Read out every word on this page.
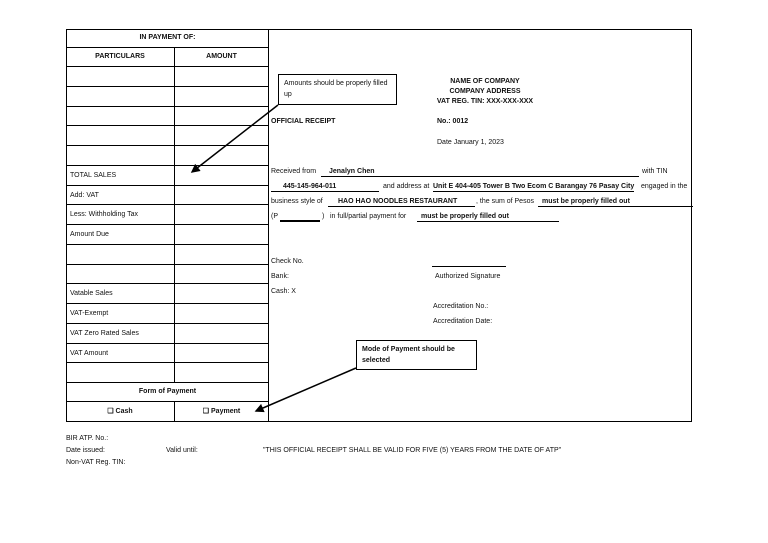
IN PAYMENT OF:
PARTICULARS	AMOUNT
TOTAL SALES
Add: VAT
Less: Withholding Tax
Amount Due
Vatable Sales
VAT-Exempt
VAT Zero Rated Sales
VAT Amount
Form of Payment
❑ Cash	❑ Payment
Amounts should be properly filled up
Mode of Payment should be selected
NAME OF COMPANY
COMPANY ADDRESS
VAT REG. TIN: XXX-XXX-XXX
OFFICIAL RECEIPT	No.: 0012
Date January 1, 2023
Received from	Jenalyn Chen	with TIN
445-145-964-011	and address at Unit E 404-405 Tower B Two Ecom C Barangay 76 Pasay City engaged in the
business style of	HAO HAO NOODLES RESTAURANT	, the sum of Pesos	must be properly filled out
(P	) in full/partial payment for	must be properly filled out
Check No.
Bank:
Cash: X
Authorized Signature
Accreditation No.:
Accreditation Date:
BIR ATP. No.:
Date issued:	Valid until:
Non-VAT Reg. TIN:
"THIS OFFICIAL RECEIPT SHALL BE VALID FOR FIVE (5) YEARS FROM THE DATE OF ATP"
